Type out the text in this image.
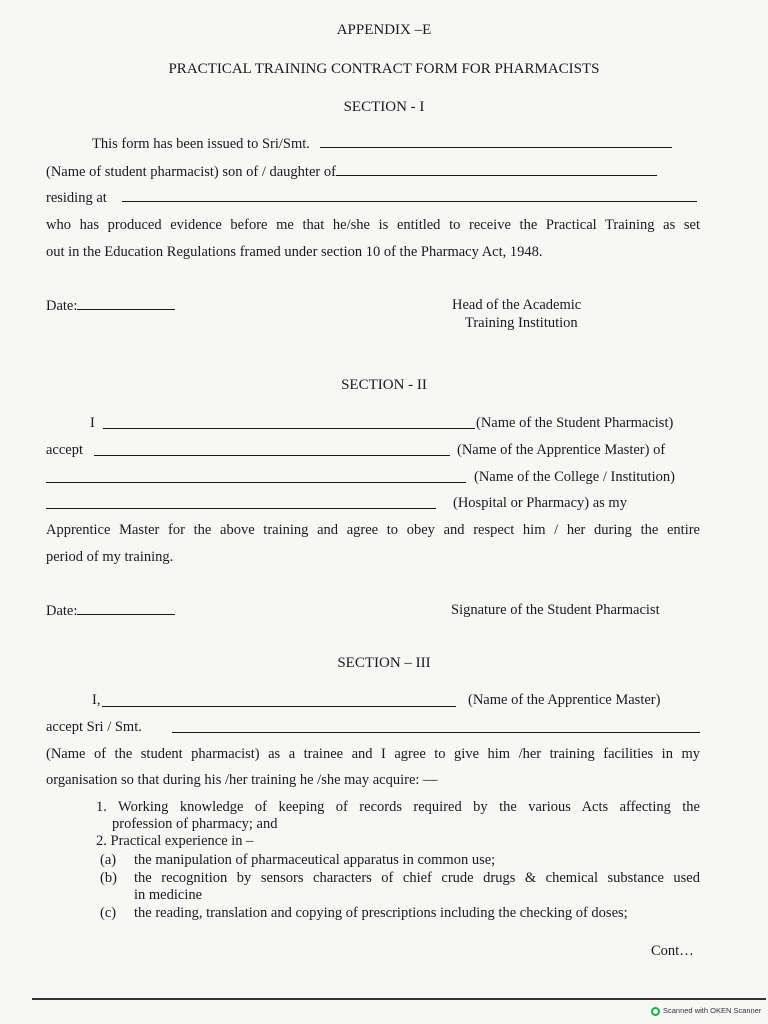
APPENDIX –E
PRACTICAL TRAINING CONTRACT FORM FOR PHARMACISTS
SECTION - I
This form has been issued to Sri/Smt.
(Name of student pharmacist) son of / daughter of
residing at
who has produced evidence before me that he/she is entitled to receive the Practical Training as set
out in the Education Regulations framed under section 10 of the Pharmacy Act, 1948.
Date:	Head of the Academic
Training Institution
SECTION - II
I	(Name of the Student Pharmacist)
accept	(Name of the Apprentice Master) of
(Name of the College / Institution)
(Hospital or Pharmacy) as my
Apprentice Master for the above training and agree to obey and respect him / her during the entire
period of my training.
Date:	Signature of the Student Pharmacist
SECTION – III
I,	(Name of the Apprentice Master)
accept Sri / Smt.
(Name of the student pharmacist) as a trainee and I agree to give him /her training facilities in my
organisation so that during his /her training he /she may acquire: —
1. Working knowledge of keeping of records required by the various Acts affecting the
profession of pharmacy; and
2. Practical experience in –
(a) the manipulation of pharmaceutical apparatus in common use;
(b) the recognition by sensors characters of chief crude drugs & chemical substance used
in medicine
(c) the reading, translation and copying of prescriptions including the checking of doses;
Cont…
Scanned with OKEN Scanner
